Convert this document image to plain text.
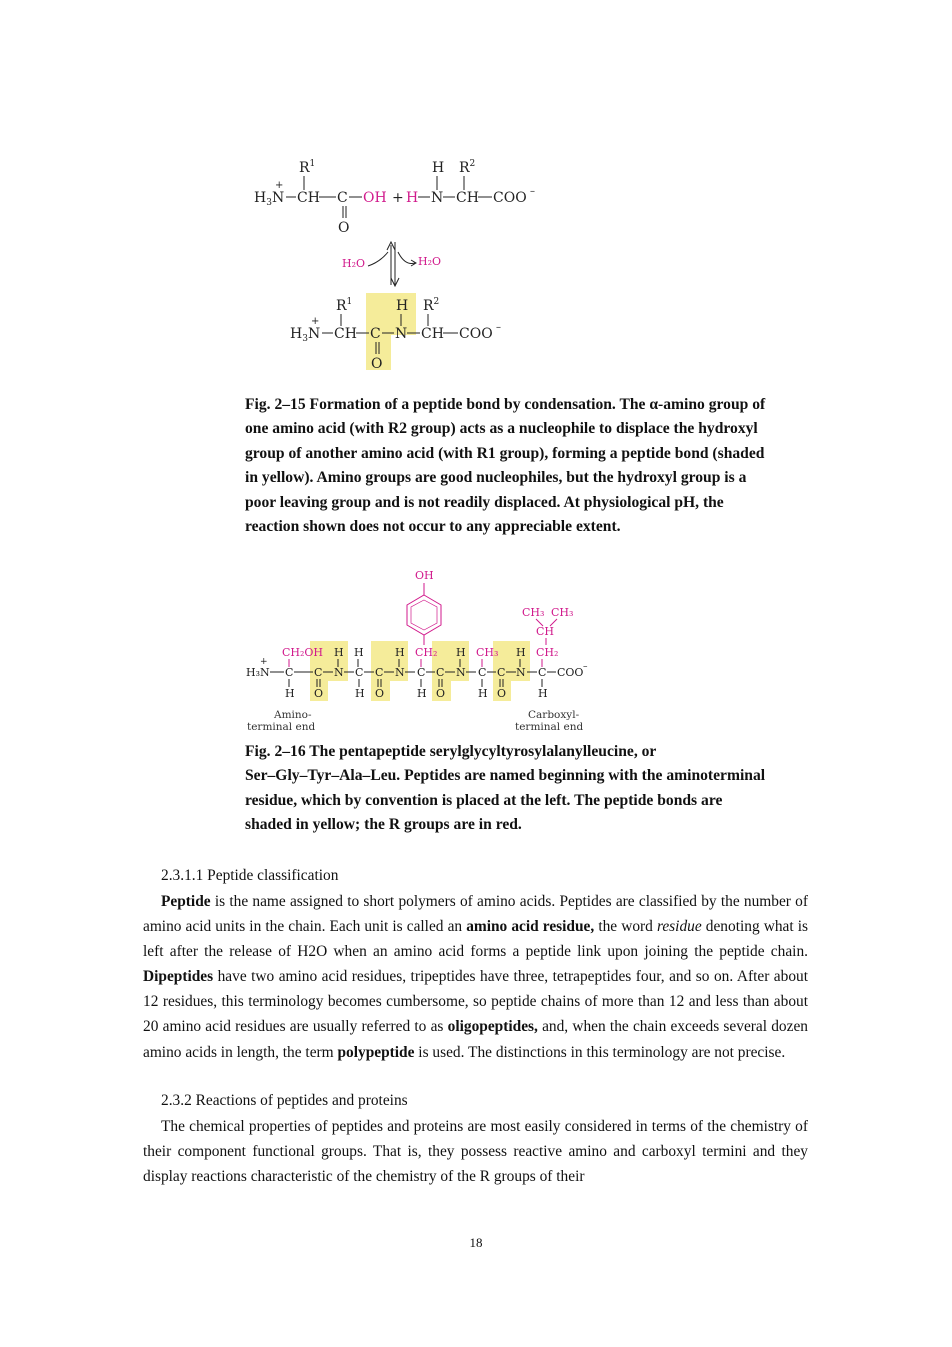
$R^1$
$H_3N$
+
CH C
O
OH +
H $R^2$
H N CH COO –
H₂O	H₂O
$R^1$	H $R^2$
$H_3N$
+
CH C
O
N CH COO –
Fig. 2–15 Formation of a peptide bond by condensation. The α-amino group of
one amino acid (with R2 group) acts as a nucleophile to displace the hydroxyl
group of another amino acid (with R1 group), forming a peptide bond (shaded
in yellow). Amino groups are good nucleophiles, but the hydroxyl group is a
poor leaving group and is not readily displaced. At physiological pH, the
reaction shown does not occur to any appreciable extent.
OH
CH₃ CH₃
CH
CH₂OH H H	H CH₂ H CH₃ H CH₂
H₃N
+
C C N C C N C C N C C N C COO –
H O	H O	H O	H O	H
Amino-
terminal end
Carboxyl-
terminal end
Fig. 2–16 The pentapeptide serylglycyltyrosylalanylleucine, or
Ser–Gly–Tyr–Ala–Leu. Peptides are named beginning with the aminoterminal
residue, which by convention is placed at the left. The peptide bonds are
shaded in yellow; the R groups are in red.
2.3.1.1 Peptide classification
Peptide is the name assigned to short polymers of amino acids. Peptides are classified by the number of amino acid units in the chain. Each unit is called an amino acid residue, the word residue denoting what is left after the release of H2O when an amino acid forms a peptide link upon joining the peptide chain. Dipeptides have two amino acid residues, tripeptides have three, tetrapeptides four, and so on. After about 12 residues, this terminology becomes cumbersome, so peptide chains of more than 12 and less than about 20 amino acid residues are usually referred to as oligopeptides, and, when the chain exceeds several dozen amino acids in length, the term polypeptide is used. The distinctions in this terminology are not precise.
2.3.2 Reactions of peptides and proteins
The chemical properties of peptides and proteins are most easily considered in terms of the chemistry of their component functional groups. That is, they possess reactive amino and carboxyl termini and they display reactions characteristic of the chemistry of the R groups of their
18
